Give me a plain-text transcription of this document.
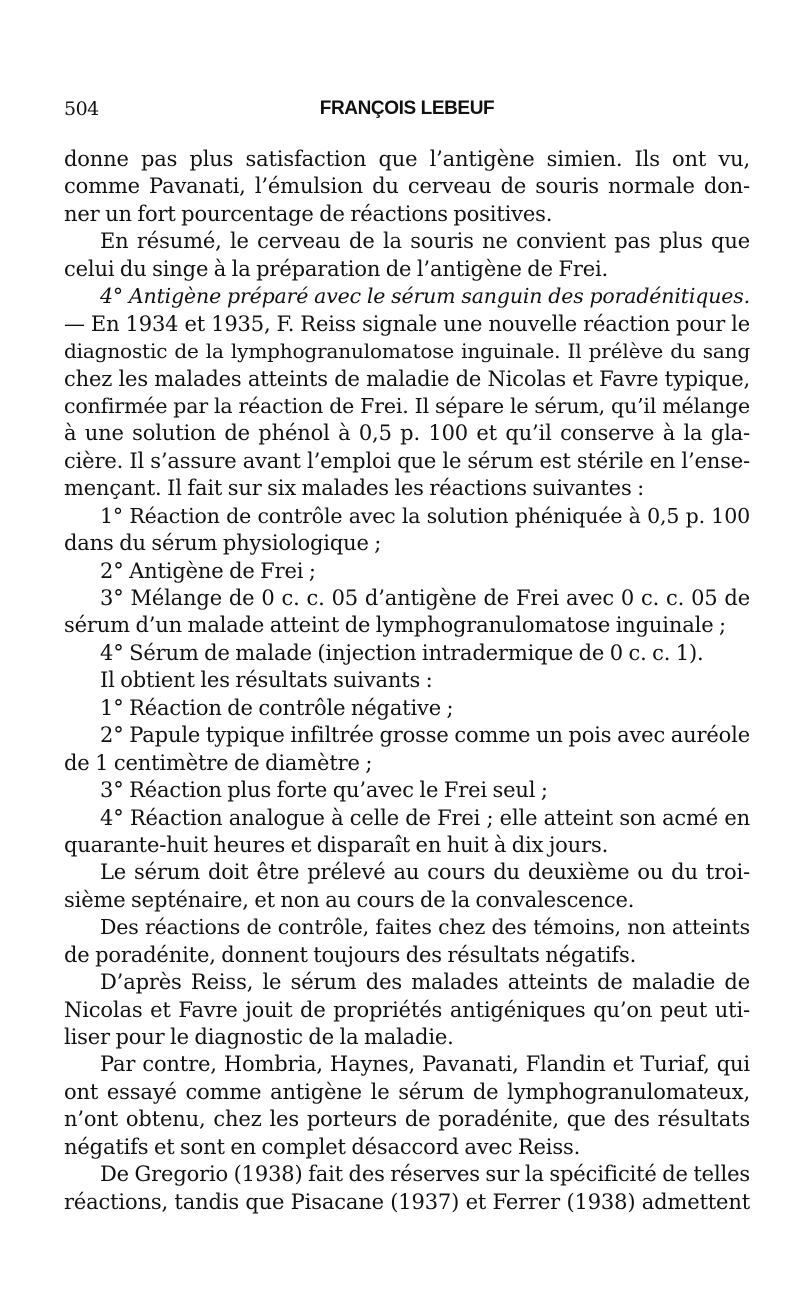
504	FRANÇOIS LEBEUF
donne pas plus satisfaction que l’antigène simien. Ils ont vu,
comme Pavanati, l’émulsion du cerveau de souris normale don-
ner un fort pourcentage de réactions positives.
En résumé, le cerveau de la souris ne convient pas plus que
celui du singe à la préparation de l’antigène de Frei.
4° Antigène préparé avec le sérum sanguin des poradénitiques.
— En 1934 et 1935, F. Reiss signale une nouvelle réaction pour le
diagnostic de la lymphogranulomatose inguinale. Il prélève du sang
chez les malades atteints de maladie de Nicolas et Favre typique,
confirmée par la réaction de Frei. Il sépare le sérum, qu’il mélange
à une solution de phénol à 0,5 p. 100 et qu’il conserve à la gla-
cière. Il s’assure avant l’emploi que le sérum est stérile en l’ense-
mençant. Il fait sur six malades les réactions suivantes :
1° Réaction de contrôle avec la solution phéniquée à 0,5 p. 100
dans du sérum physiologique ;
2° Antigène de Frei ;
3° Mélange de 0 c. c. 05 d’antigène de Frei avec 0 c. c. 05 de
sérum d’un malade atteint de lymphogranulomatose inguinale ;
4° Sérum de malade (injection intradermique de 0 c. c. 1).
Il obtient les résultats suivants :
1° Réaction de contrôle négative ;
2° Papule typique infiltrée grosse comme un pois avec auréole
de 1 centimètre de diamètre ;
3° Réaction plus forte qu’avec le Frei seul ;
4° Réaction analogue à celle de Frei ; elle atteint son acmé en
quarante-huit heures et disparaît en huit à dix jours.
Le sérum doit être prélevé au cours du deuxième ou du troi-
sième septénaire, et non au cours de la convalescence.
Des réactions de contrôle, faites chez des témoins, non atteints
de poradénite, donnent toujours des résultats négatifs.
D’après Reiss, le sérum des malades atteints de maladie de
Nicolas et Favre jouit de propriétés antigéniques qu’on peut uti-
liser pour le diagnostic de la maladie.
Par contre, Hombria, Haynes, Pavanati, Flandin et Turiaf, qui
ont essayé comme antigène le sérum de lymphogranulomateux,
n’ont obtenu, chez les porteurs de poradénite, que des résultats
négatifs et sont en complet désaccord avec Reiss.
De Gregorio (1938) fait des réserves sur la spécificité de telles
réactions, tandis que Pisacane (1937) et Ferrer (1938) admettent
